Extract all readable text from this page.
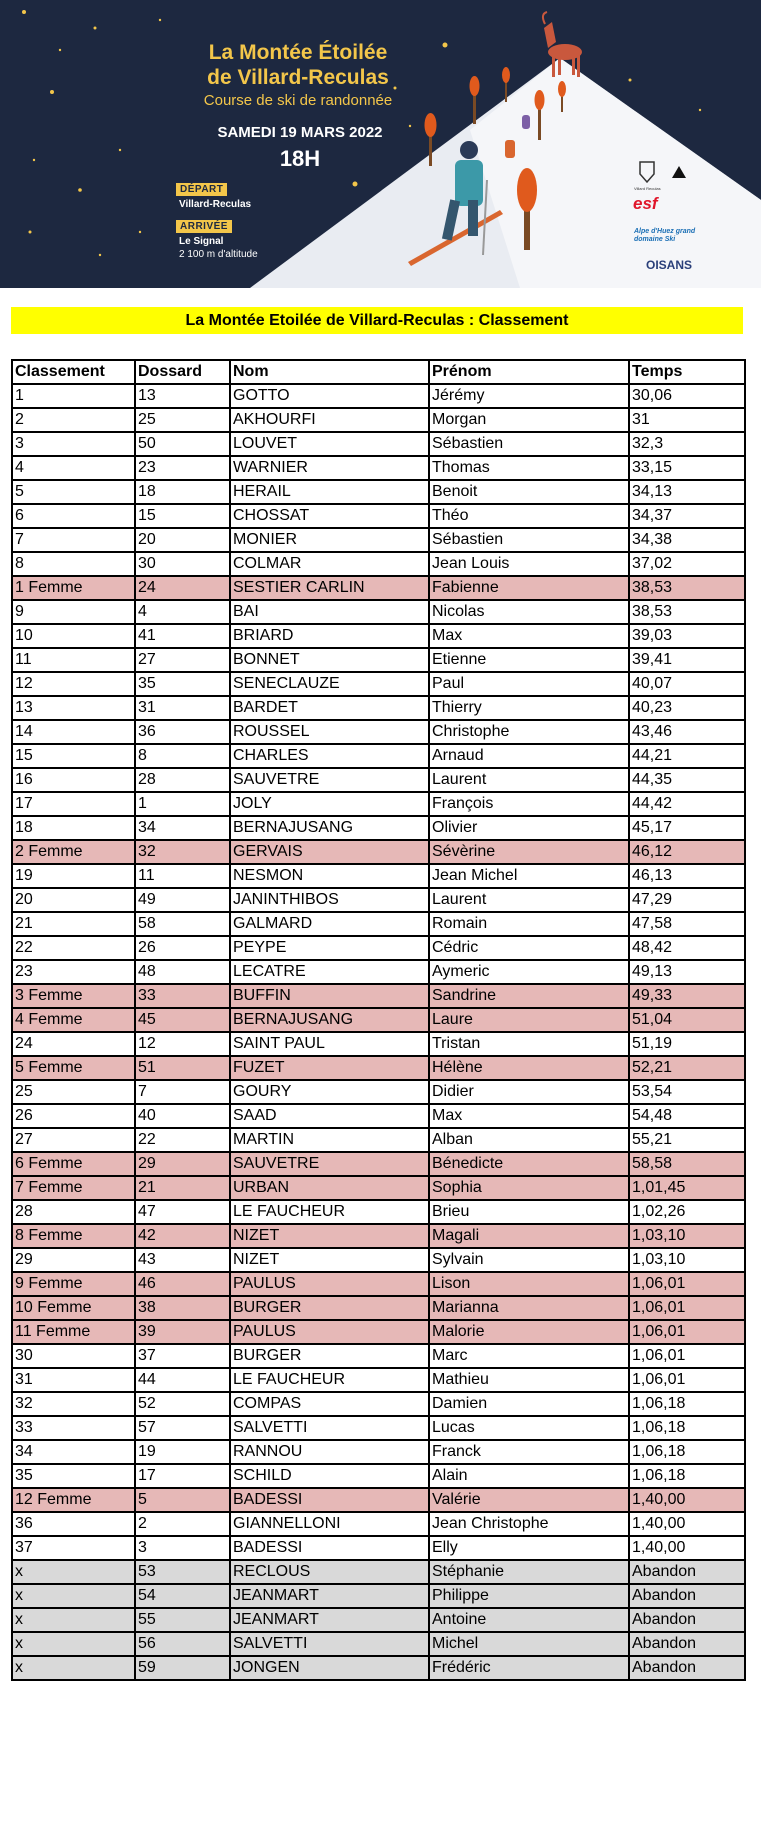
La Montée Étoilée
de Villard-Reculas
Course de ski de randonnée
SAMEDI 19 MARS 2022
18H
DÉPART
Villard-Reculas
ARRIVÉE
Le Signal
2 100 m d'altitude
Villard Reculas
esf
Alpe d'Huez grand domaine Ski
OISANS
La Montée Etoilée de Villard-Reculas : Classement
Classement	Dossard	Nom	Prénom	Temps
1	13	GOTTO	Jérémy	30,06
2	25	AKHOURFI	Morgan	31
3	50	LOUVET	Sébastien	32,3
4	23	WARNIER	Thomas	33,15
5	18	HERAIL	Benoit	34,13
6	15	CHOSSAT	Théo	34,37
7	20	MONIER	Sébastien	34,38
8	30	COLMAR	Jean Louis	37,02
1 Femme	24	SESTIER CARLIN	Fabienne	38,53
9	4	BAI	Nicolas	38,53
10	41	BRIARD	Max	39,03
11	27	BONNET	Etienne	39,41
12	35	SENECLAUZE	Paul	40,07
13	31	BARDET	Thierry	40,23
14	36	ROUSSEL	Christophe	43,46
15	8	CHARLES	Arnaud	44,21
16	28	SAUVETRE	Laurent	44,35
17	1	JOLY	François	44,42
18	34	BERNAJUSANG	Olivier	45,17
2 Femme	32	GERVAIS	Sévèrine	46,12
19	11	NESMON	Jean Michel	46,13
20	49	JANINTHIBOS	Laurent	47,29
21	58	GALMARD	Romain	47,58
22	26	PEYPE	Cédric	48,42
23	48	LECATRE	Aymeric	49,13
3 Femme	33	BUFFIN	Sandrine	49,33
4 Femme	45	BERNAJUSANG	Laure	51,04
24	12	SAINT PAUL	Tristan	51,19
5 Femme	51	FUZET	Hélène	52,21
25	7	GOURY	Didier	53,54
26	40	SAAD	Max	54,48
27	22	MARTIN	Alban	55,21
6 Femme	29	SAUVETRE	Bénedicte	58,58
7 Femme	21	URBAN	Sophia	1,01,45
28	47	LE FAUCHEUR	Brieu	1,02,26
8 Femme	42	NIZET	Magali	1,03,10
29	43	NIZET	Sylvain	1,03,10
9 Femme	46	PAULUS	Lison	1,06,01
10 Femme	38	BURGER	Marianna	1,06,01
11 Femme	39	PAULUS	Malorie	1,06,01
30	37	BURGER	Marc	1,06,01
31	44	LE FAUCHEUR	Mathieu	1,06,01
32	52	COMPAS	Damien	1,06,18
33	57	SALVETTI	Lucas	1,06,18
34	19	RANNOU	Franck	1,06,18
35	17	SCHILD	Alain	1,06,18
12 Femme	5	BADESSI	Valérie	1,40,00
36	2	GIANNELLONI	Jean Christophe	1,40,00
37	3	BADESSI	Elly	1,40,00
x	53	RECLOUS	Stéphanie	Abandon
x	54	JEANMART	Philippe	Abandon
x	55	JEANMART	Antoine	Abandon
x	56	SALVETTI	Michel	Abandon
x	59	JONGEN	Frédéric	Abandon
